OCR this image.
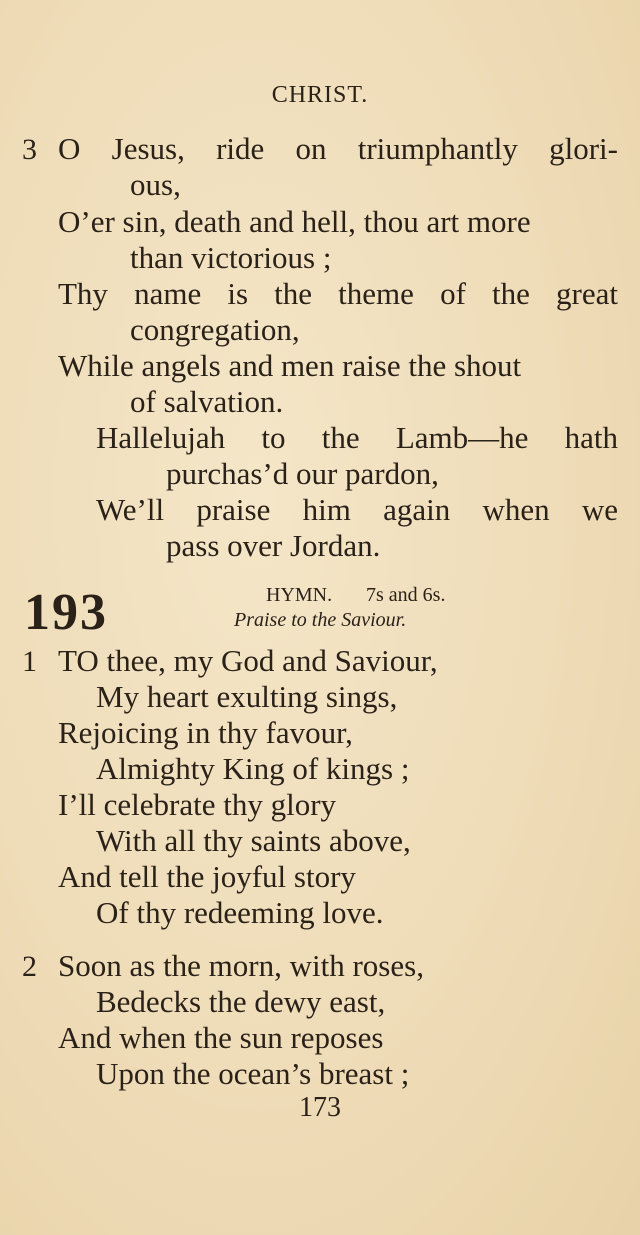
CHRIST.
3 O Jesus, ride on triumphantly glori-
ous,
O’er sin, death and hell, thou art more
than victorious ;
Thy name is the theme of the great
congregation,
While angels and men raise the shout
of salvation.
Hallelujah to the Lamb—he hath
purchas’d our pardon,
We’ll praise him again when we
pass over Jordan.
193	HYMN. 7s and 6s.
Praise to the Saviour.
1 TO thee, my God and Saviour,
My heart exulting sings,
Rejoicing in thy favour,
Almighty King of kings ;
I’ll celebrate thy glory
With all thy saints above,
And tell the joyful story
Of thy redeeming love.
2 Soon as the morn, with roses,
Bedecks the dewy east,
And when the sun reposes
Upon the ocean’s breast ;
173
